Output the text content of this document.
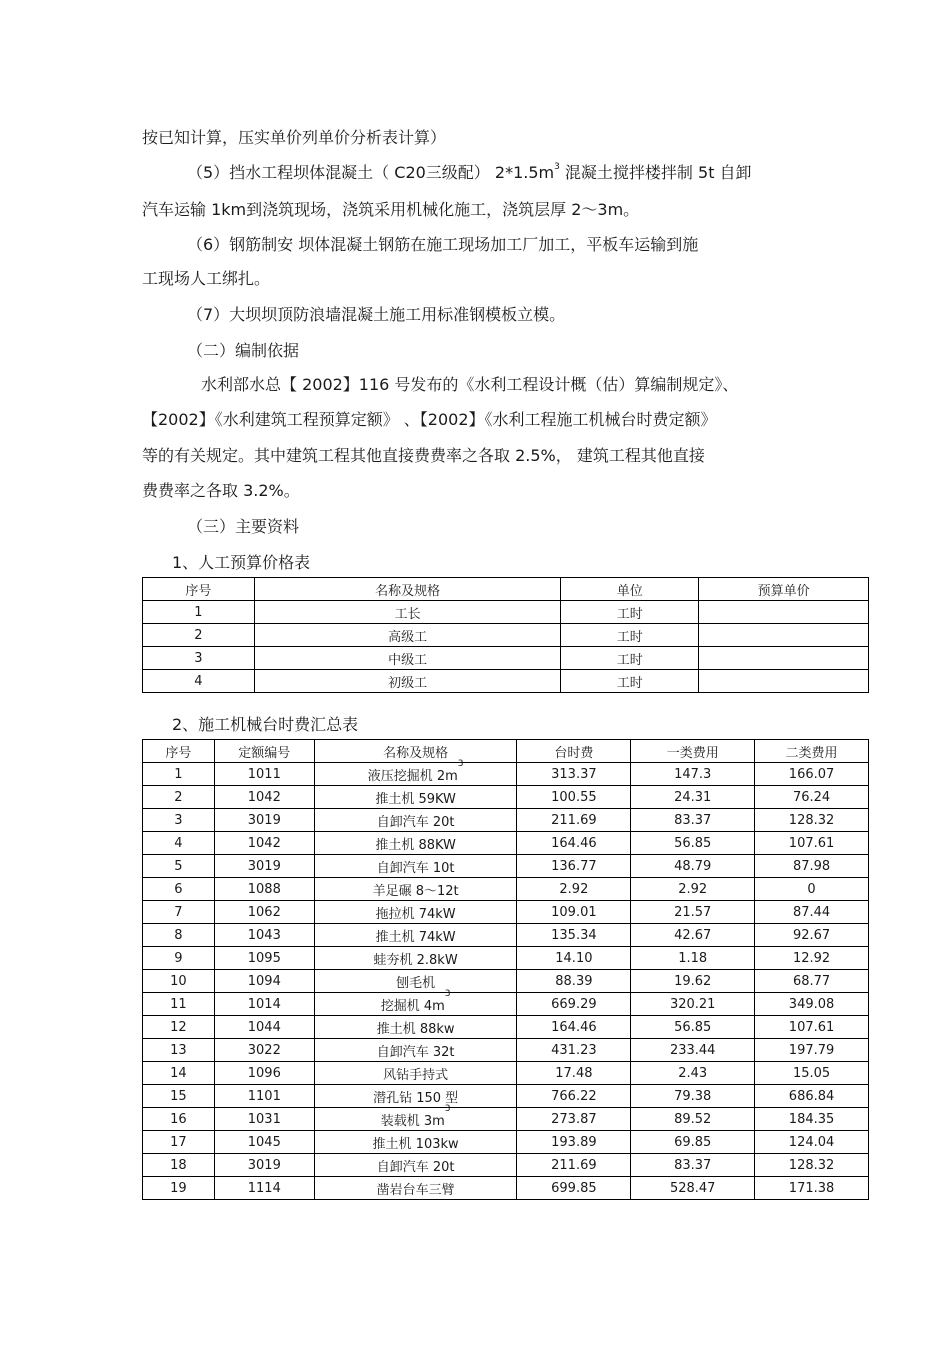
按已知计算，压实单价列单价分析表计算）
（5）挡水工程坝体混凝土（ C20三级配） $2*1.5m^3$ 混凝土搅拌楼拌制 5t 自卸
汽车运输 1km到浇筑现场，浇筑采用机械化施工，浇筑层厚 2～3m。
（6）钢筋制安 坝体混凝土钢筋在施工现场加工厂加工，平板车运输到施
工现场人工绑扎。
（7）大坝坝顶防浪墙混凝土施工用标准钢模板立模。
（二）编制依据
水利部水总【 2002】116 号发布的《水利工程设计概（估）算编制规定》、
【2002】《水利建筑工程预算定额》 、【2002】《水利工程施工机械台时费定额》
等的有关规定。其中建筑工程其他直接费费率之各取 2.5%， 建筑工程其他直接
费费率之各取 3.2%。
（三）主要资料
1、人工预算价格表
序号	名称及规格	单位	预算单价
1	工长	工时	
2	高级工	工时	
3	中级工	工时	
4	初级工	工时	
2、施工机械台时费汇总表
序号	定额编号	名称及规格	台时费	一类费用	二类费用
1	1011	液压挖掘机 $2m^3$	313.37	147.3	166.07
2	1042	推土机 59KW	100.55	24.31	76.24
3	3019	自卸汽车 20t	211.69	83.37	128.32
4	1042	推土机 88KW	164.46	56.85	107.61
5	3019	自卸汽车 10t	136.77	48.79	87.98
6	1088	羊足碾 8～12t	2.92	2.92	0
7	1062	拖拉机 74kW	109.01	21.57	87.44
8	1043	推土机 74kW	135.34	42.67	92.67
9	1095	蛙夯机 2.8kW	14.10	1.18	12.92
10	1094	刨毛机	88.39	19.62	68.77
11	1014	挖掘机 $4m^3$	669.29	320.21	349.08
12	1044	推土机 88kw	164.46	56.85	107.61
13	3022	自卸汽车 32t	431.23	233.44	197.79
14	1096	风钻手持式	17.48	2.43	15.05
15	1101	潜孔钻 150 型	766.22	79.38	686.84
16	1031	装载机 $3m^3$	273.87	89.52	184.35
17	1045	推土机 103kw	193.89	69.85	124.04
18	3019	自卸汽车 20t	211.69	83.37	128.32
19	1114	凿岩台车三臂	699.85	528.47	171.38
